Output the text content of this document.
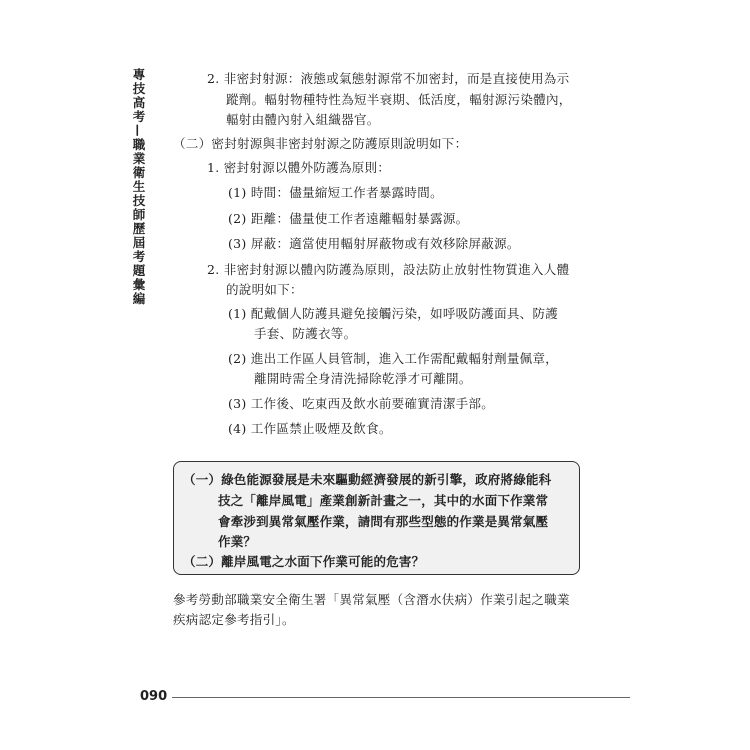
專技高考—職業衛生技師歷屆考題彙編	2. 非密封射源：液態或氣態射源常不加密封，而是直接使用為示
蹤劑。輻射物種特性為短半衰期、低活度，輻射源污染體內，
輻射由體內射入組織器官。
（二）密封射源與非密封射源之防護原則說明如下：
1. 密封射源以體外防護為原則：
(1) 時間：儘量縮短工作者暴露時間。
(2) 距離：儘量使工作者遠離輻射暴露源。
(3) 屏蔽：適當使用輻射屏蔽物或有效移除屏蔽源。
2. 非密封射源以體內防護為原則，設法防止放射性物質進入人體
的說明如下：
(1) 配戴個人防護具避免接觸污染，如呼吸防護面具、防護
手套、防護衣等。
(2) 進出工作區人員管制，進入工作需配戴輻射劑量佩章，
離開時需全身清洗掃除乾淨才可離開。
(3) 工作後、吃東西及飲水前要確實清潔手部。
(4) 工作區禁止吸煙及飲食。
（一）綠色能源發展是未來驅動經濟發展的新引擎，政府將綠能科
技之「離岸風電」產業創新計畫之一，其中的水面下作業常
會牽涉到異常氣壓作業，請問有那些型態的作業是異常氣壓
作業？
（二）離岸風電之水面下作業可能的危害？
參考勞動部職業安全衛生署「異常氣壓（含潛水伕病）作業引起之職業
疾病認定參考指引」。
090
